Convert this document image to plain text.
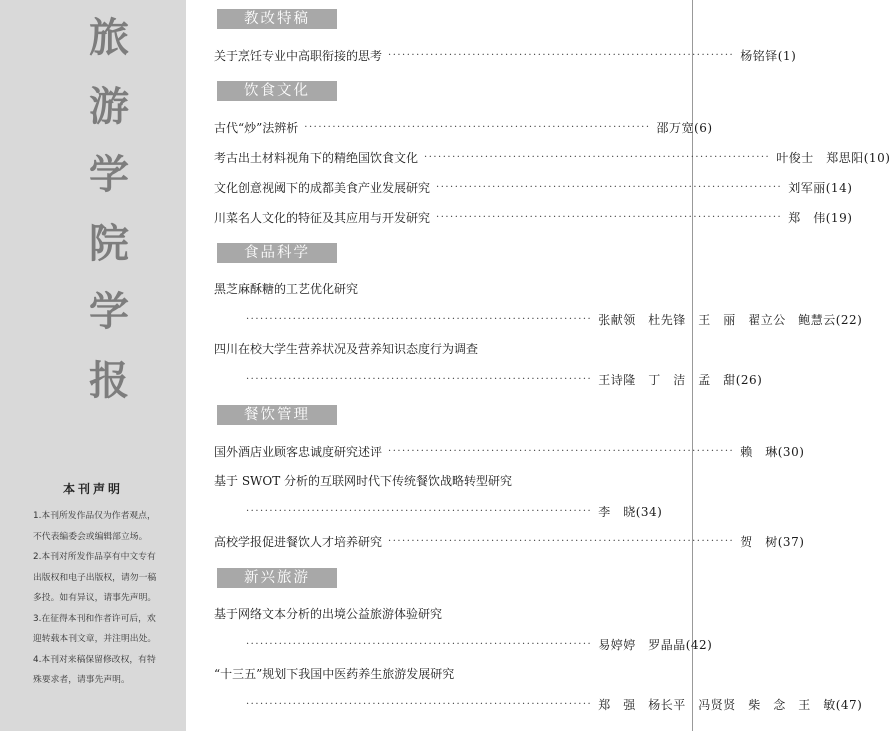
旅
游
学
院
学
报
本刊声明

1.本刊所发作品仅为作者观点，

不代表编委会或编辑部立场。

2.本刊对所发作品享有中文专有

出版权和电子出版权，请勿一稿

多投。如有异议，请事先声明。

3.在征得本刊和作者许可后，欢

迎转载本刊文章，并注明出处。

4.本刊对来稿保留修改权，有特

殊要求者，请事先声明。

教改特稿
关于烹饪专业中高职衔接的思考 ·········································································· 杨铭铎(1)
饮食文化
古代“炒”法辨析 ·········································································· 邵万宽(6)
考古出土材料视角下的精绝国饮食文化 ·········································································· 叶俊士　郑思阳(10)
文化创意视阈下的成都美食产业发展研究 ·········································································· 刘军丽(14)
川菜名人文化的特征及其应用与开发研究 ·········································································· 郑　伟(19)
食品科学
黑芝麻酥糖的工艺优化研究
·········································································· 张献领　杜先锋　王　丽　翟立公　鲍慧云(22)
四川在校大学生营养状况及营养知识态度行为调查
·········································································· 王诗隆　丁　洁　孟　甜(26)
餐饮管理
国外酒店业顾客忠诚度研究述评 ·········································································· 赖　琳(30)
基于 SWOT 分析的互联网时代下传统餐饮战略转型研究
·········································································· 李　晓(34)
高校学报促进餐饮人才培养研究 ·········································································· 贺　树(37)
新兴旅游
基于网络文本分析的出境公益旅游体验研究
·········································································· 易婷婷　罗晶晶(42)
“十三五”规划下我国中医药养生旅游发展研究
·········································································· 郑　强　杨长平　冯贤贤　柴　念　王　敏(47)
